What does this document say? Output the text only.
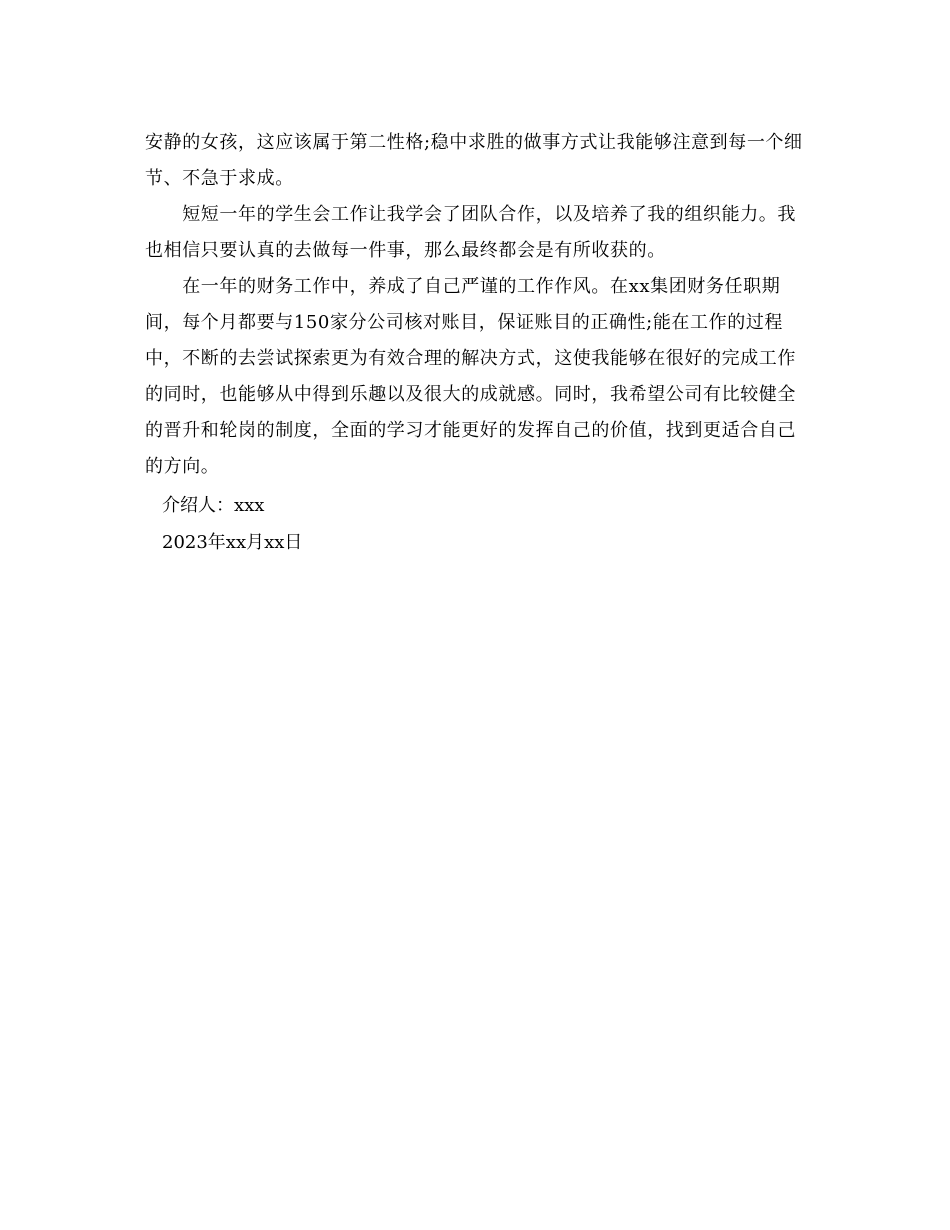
安静的女孩，这应该属于第二性格;稳中求胜的做事方式让我能够注意到每一个细
节、不急于求成。
　　短短一年的学生会工作让我学会了团队合作，以及培养了我的组织能力。我
也相信只要认真的去做每一件事，那么最终都会是有所收获的。
　　在一年的财务工作中，养成了自己严谨的工作作风。在xx集团财务任职期
间，每个月都要与150家分公司核对账目，保证账目的正确性;能在工作的过程
中，不断的去尝试探索更为有效合理的解决方式，这使我能够在很好的完成工作
的同时，也能够从中得到乐趣以及很大的成就感。同时，我希望公司有比较健全
的晋升和轮岗的制度，全面的学习才能更好的发挥自己的价值，找到更适合自己
的方向。
介绍人：xxx
2023年xx月xx日
